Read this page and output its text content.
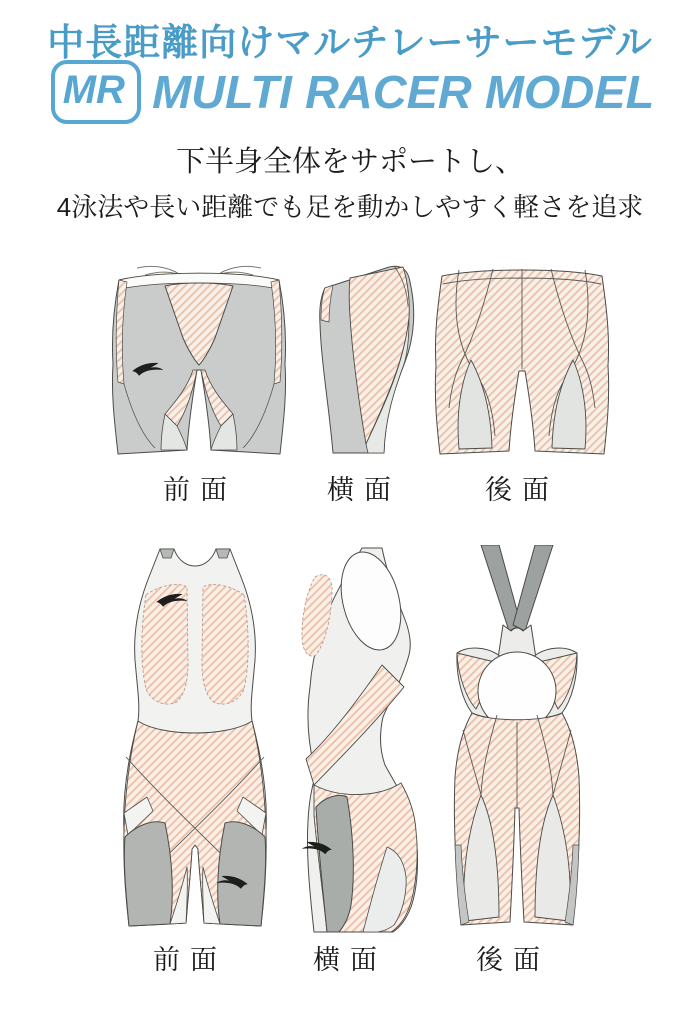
中長距離向けマルチレーサーモデル
MR MULTI RACER MODEL
下半身全体をサポートし、
4泳法や長い距離でも足を動かしやすく軽さを追求
前面	横面	後面
前面	横面	後面
